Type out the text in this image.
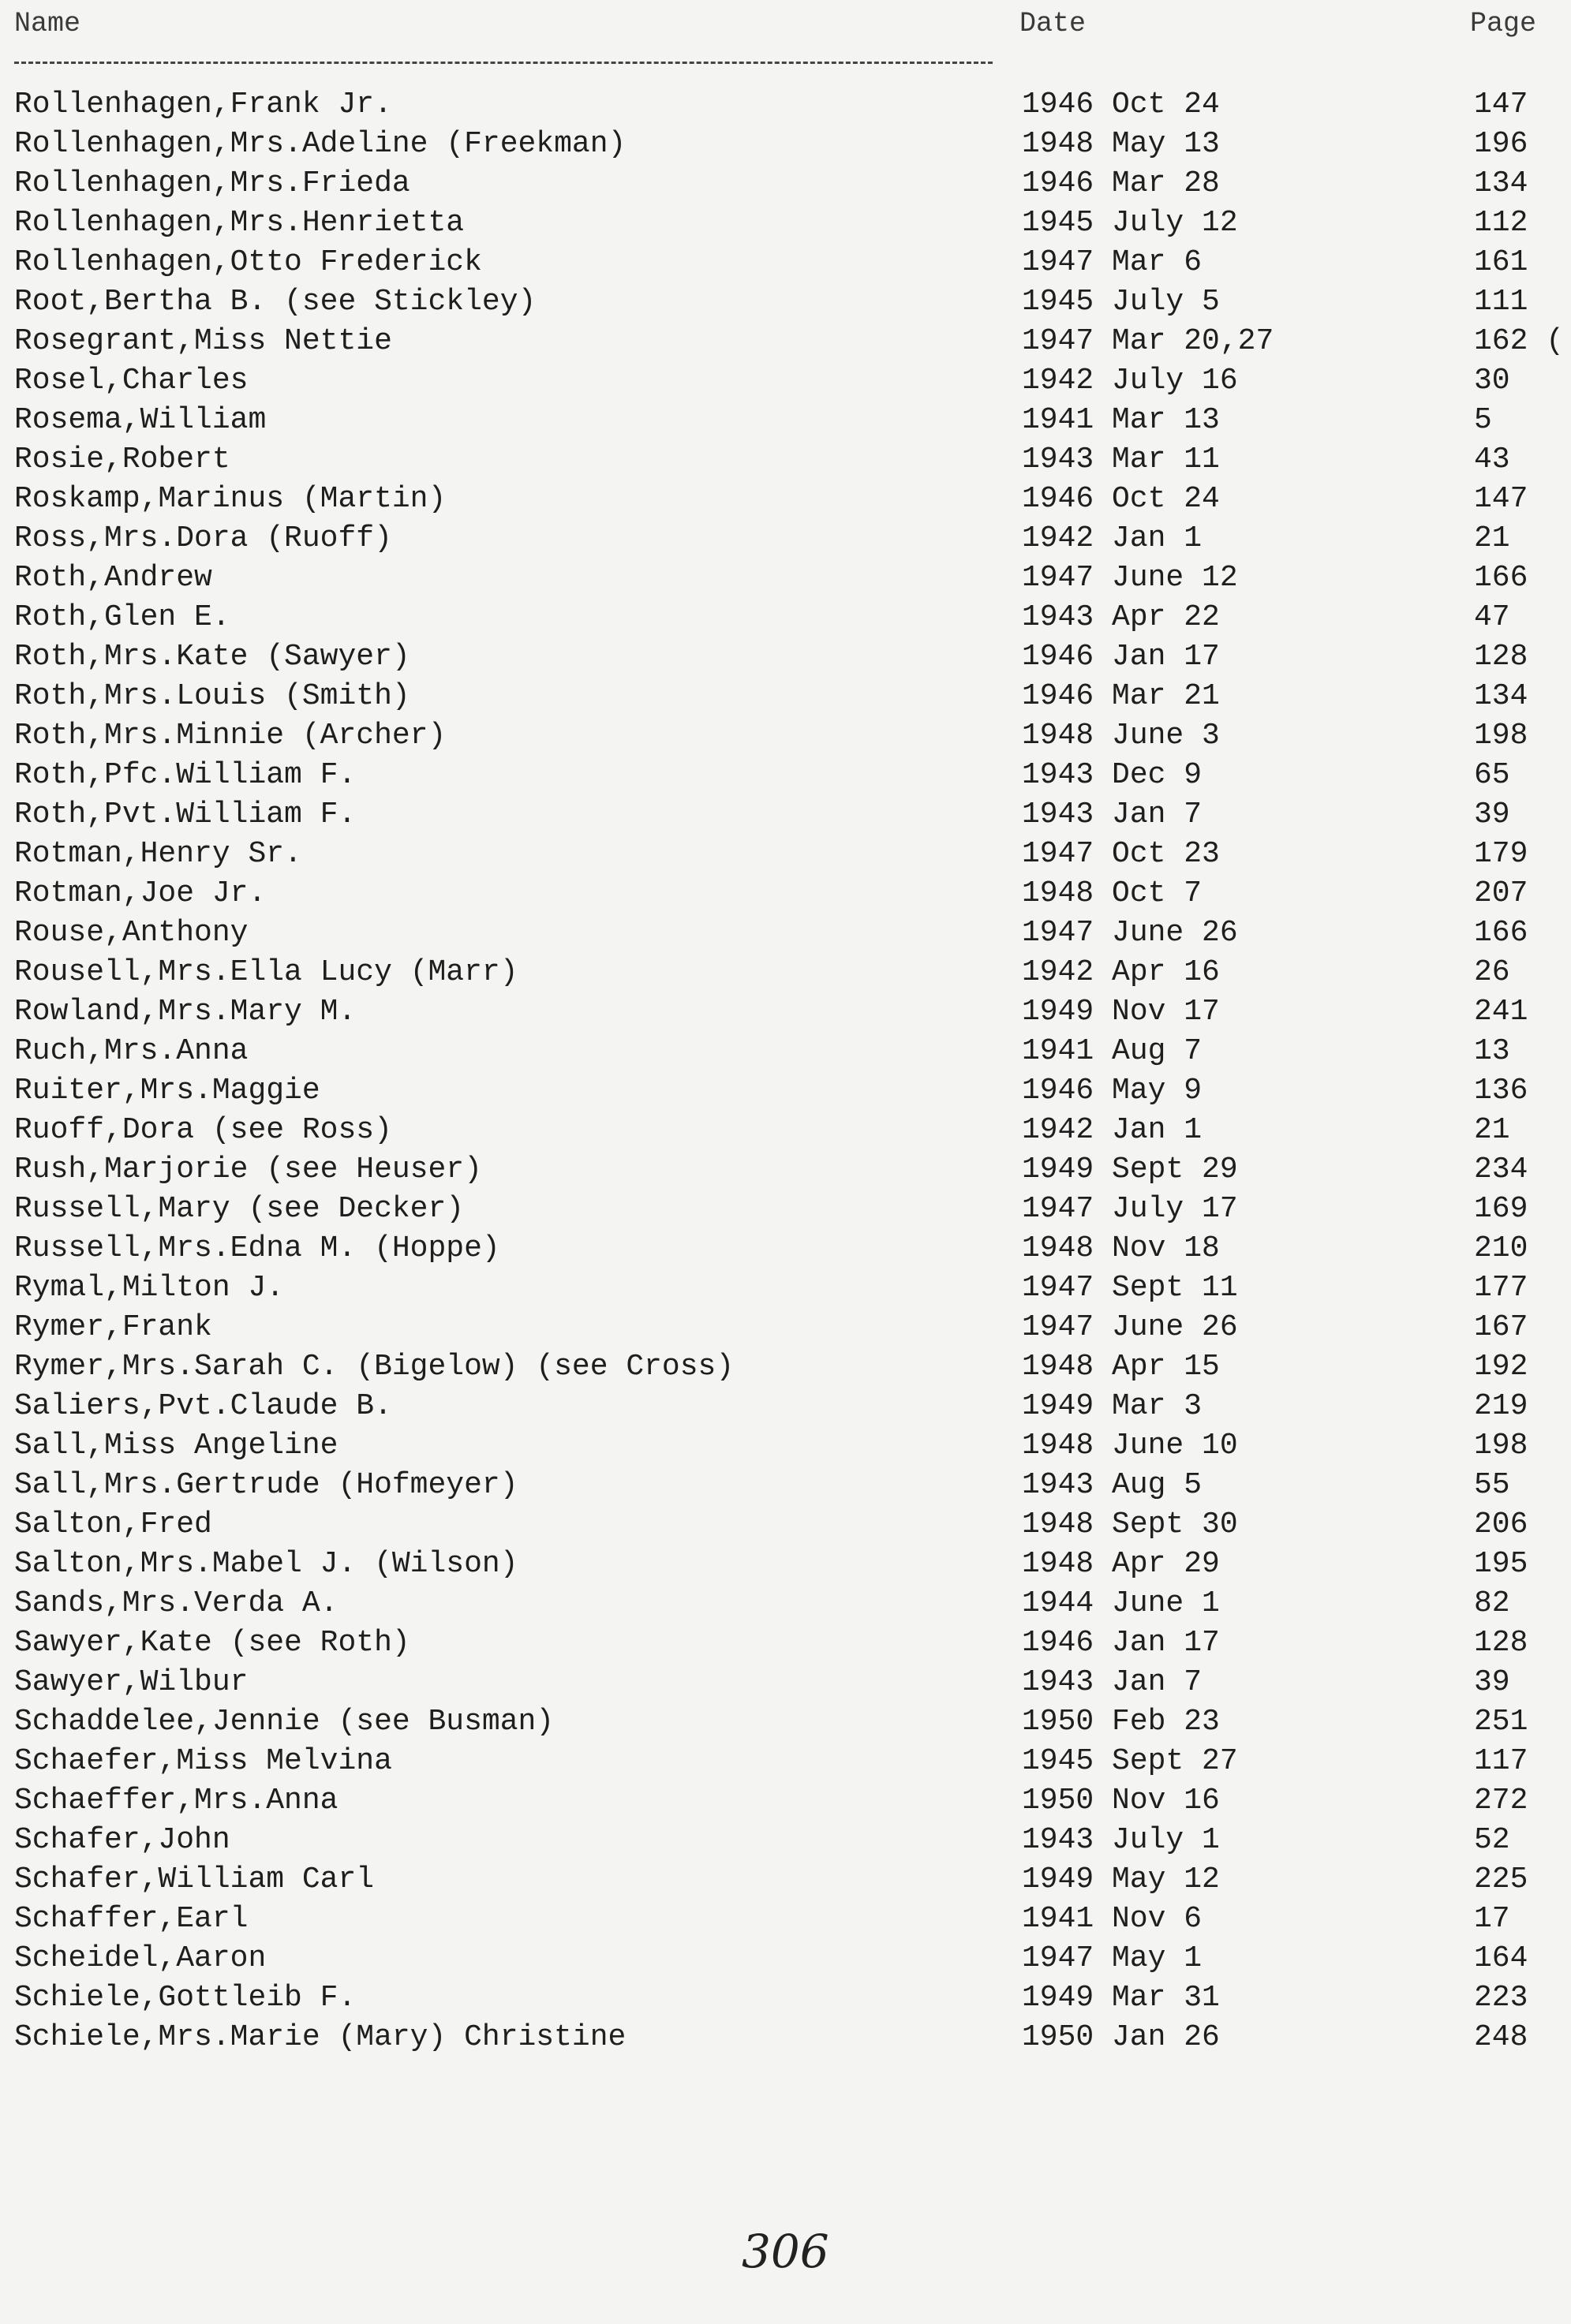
Name	Date	Page
Rollenhagen,Frank Jr.	1946 Oct 24	147
Rollenhagen,Mrs.Adeline (Freekman)	1948 May 13	196
Rollenhagen,Mrs.Frieda	1946 Mar 28	134
Rollenhagen,Mrs.Henrietta	1945 July 12	112
Rollenhagen,Otto Frederick	1947 Mar 6	161
Root,Bertha B. (see Stickley)	1945 July 5	111
Rosegrant,Miss Nettie	1947 Mar 20,27	162 (
Rosel,Charles	1942 July 16	30
Rosema,William	1941 Mar 13	5
Rosie,Robert	1943 Mar 11	43
Roskamp,Marinus (Martin)	1946 Oct 24	147
Ross,Mrs.Dora (Ruoff)	1942 Jan 1	21
Roth,Andrew	1947 June 12	166
Roth,Glen E.	1943 Apr 22	47
Roth,Mrs.Kate (Sawyer)	1946 Jan 17	128
Roth,Mrs.Louis (Smith)	1946 Mar 21	134
Roth,Mrs.Minnie (Archer)	1948 June 3	198
Roth,Pfc.William F.	1943 Dec 9	65
Roth,Pvt.William F.	1943 Jan 7	39
Rotman,Henry Sr.	1947 Oct 23	179
Rotman,Joe Jr.	1948 Oct 7	207
Rouse,Anthony	1947 June 26	166
Rousell,Mrs.Ella Lucy (Marr)	1942 Apr 16	26
Rowland,Mrs.Mary M.	1949 Nov 17	241
Ruch,Mrs.Anna	1941 Aug 7	13
Ruiter,Mrs.Maggie	1946 May 9	136
Ruoff,Dora (see Ross)	1942 Jan 1	21
Rush,Marjorie (see Heuser)	1949 Sept 29	234
Russell,Mary (see Decker)	1947 July 17	169
Russell,Mrs.Edna M. (Hoppe)	1948 Nov 18	210
Rymal,Milton J.	1947 Sept 11	177
Rymer,Frank	1947 June 26	167
Rymer,Mrs.Sarah C. (Bigelow) (see Cross)	1948 Apr 15	192
Saliers,Pvt.Claude B.	1949 Mar 3	219
Sall,Miss Angeline	1948 June 10	198
Sall,Mrs.Gertrude (Hofmeyer)	1943 Aug 5	55
Salton,Fred	1948 Sept 30	206
Salton,Mrs.Mabel J. (Wilson)	1948 Apr 29	195
Sands,Mrs.Verda A.	1944 June 1	82
Sawyer,Kate (see Roth)	1946 Jan 17	128
Sawyer,Wilbur	1943 Jan 7	39
Schaddelee,Jennie (see Busman)	1950 Feb 23	251
Schaefer,Miss Melvina	1945 Sept 27	117
Schaeffer,Mrs.Anna	1950 Nov 16	272
Schafer,John	1943 July 1	52
Schafer,William Carl	1949 May 12	225
Schaffer,Earl	1941 Nov 6	17
Scheidel,Aaron	1947 May 1	164
Schiele,Gottleib F.	1949 Mar 31	223
Schiele,Mrs.Marie (Mary) Christine	1950 Jan 26	248
306
